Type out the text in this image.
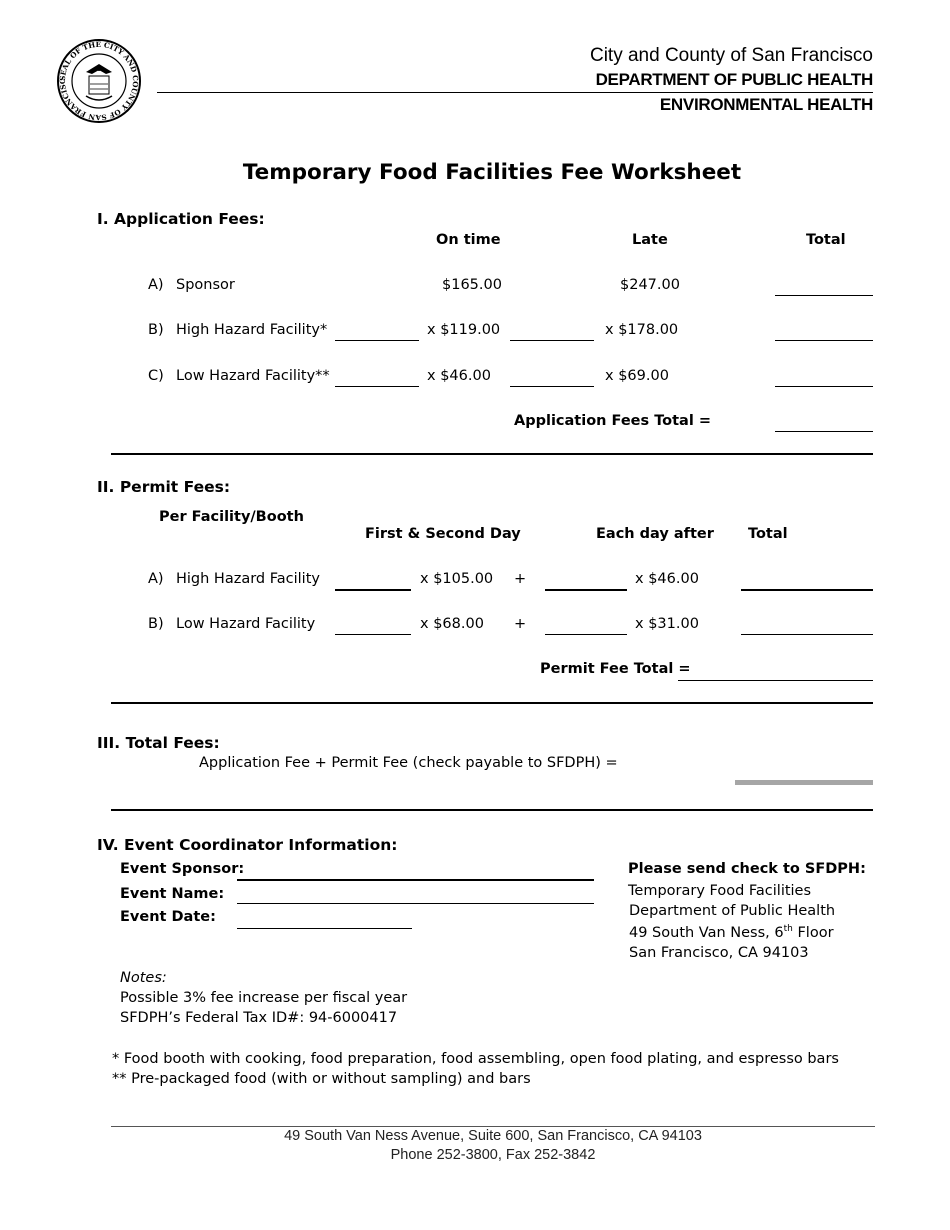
SEAL OF THE CITY AND COUNTY OF SAN FRANCISC
City and County of San Francisco
DEPARTMENT OF PUBLIC HEALTH
ENVIRONMENTAL HEALTH
Temporary Food Facilities Fee Worksheet
I. Application Fees:
On time	Late	Total
A) Sponsor	$165.00	$247.00
B) High Hazard Facility*	x $119.00	x $178.00
C) Low Hazard Facility**	x $46.00	x $69.00
Application Fees Total =
II. Permit Fees:
Per Facility/Booth
First & Second Day	Each day after Total
A) High Hazard Facility	x $105.00 +	x $46.00
B) Low Hazard Facility	x $68.00 +	x $31.00
Permit Fee Total =
III. Total Fees:
Application Fee + Permit Fee (check payable to SFDPH) =
IV. Event Coordinator Information:
Event Sponsor:
Event Name:
Event Date:
Please send check to SFDPH:
Temporary Food Facilities
Department of Public Health
49 South Van Ness, 6th Floor
San Francisco, CA 94103
Notes:
Possible 3% fee increase per fiscal year
SFDPH’s Federal Tax ID#: 94-6000417
* Food booth with cooking, food preparation, food assembling, open food plating, and espresso bars
** Pre-packaged food (with or without sampling) and bars
49 South Van Ness Avenue, Suite 600, San Francisco, CA 94103
Phone 252-3800, Fax 252-3842
